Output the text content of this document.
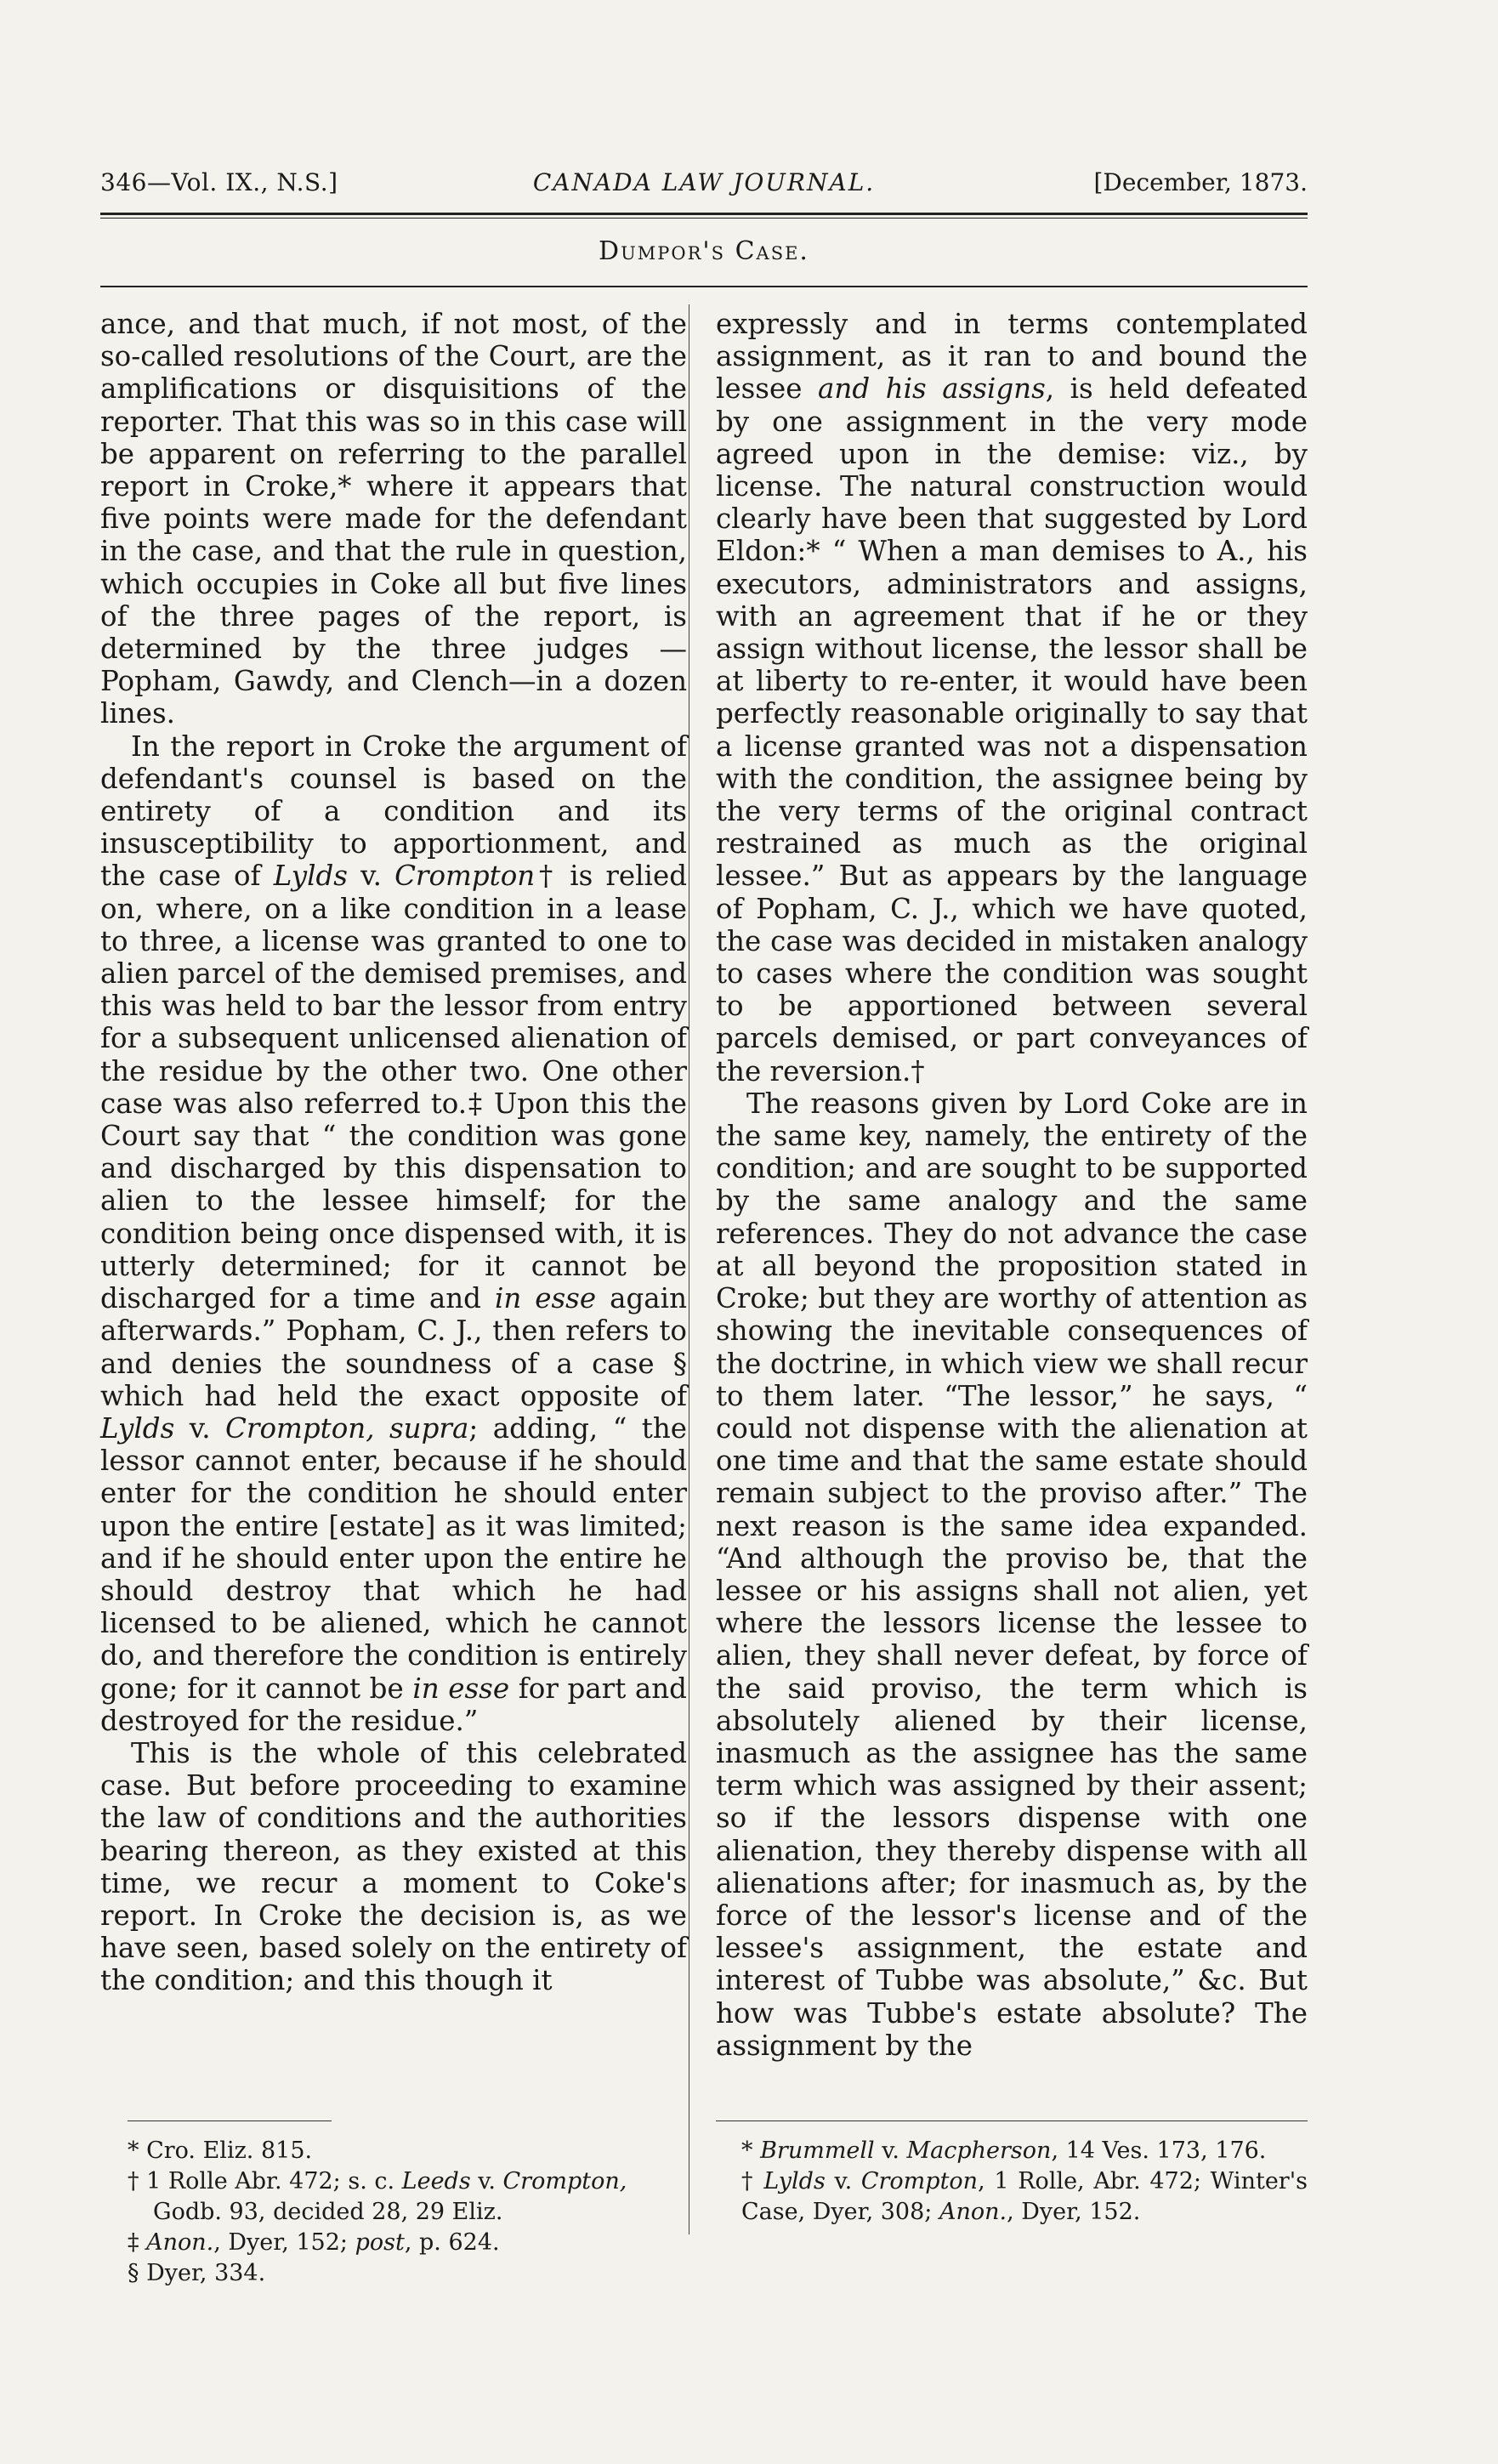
346—Vol. IX., N.S.]	CANADA LAW JOURNAL.	[December, 1873.
Dumpor's Case.

ance, and that much, if not most, of the so-called resolutions of the Court, are the amplifications or disquisitions of the reporter. That this was so in this case will be apparent on referring to the parallel report in Croke,* where it appears that five points were made for the defendant in the case, and that the rule in question, which occupies in Coke all but five lines of the three pages of the report, is determined by the three judges —Popham, Gawdy, and Clench—in a dozen lines.

In the report in Croke the argument of defendant's counsel is based on the entirety of a condition and its insusceptibility to apportionment, and the case of Lylds v. Crompton† is relied on, where, on a like condition in a lease to three, a license was granted to one to alien parcel of the demised premises, and this was held to bar the lessor from entry for a subsequent unlicensed alienation of the residue by the other two. One other case was also referred to.‡ Upon this the Court say that “ the condition was gone and discharged by this dispensation to alien to the lessee himself; for the condition being once dispensed with, it is utterly determined; for it cannot be discharged for a time and in esse again afterwards.” Popham, C. J., then refers to and denies the soundness of a case § which had held the exact opposite of Lylds v. Crompton, supra; adding, “ the lessor cannot enter, because if he should enter for the condition he should enter upon the entire [estate] as it was limited; and if he should enter upon the entire he should destroy that which he had licensed to be aliened, which he cannot do, and therefore the condition is entirely gone; for it cannot be in esse for part and destroyed for the residue.”

This is the whole of this celebrated case. But before proceeding to examine the law of conditions and the authorities bearing thereon, as they existed at this time, we recur a moment to Coke's report. In Croke the decision is, as we have seen, based solely on the entirety of the condition; and this though it

expressly and in terms contemplated assignment, as it ran to and bound the lessee and his assigns, is held defeated by one assignment in the very mode agreed upon in the demise: viz., by license. The natural construction would clearly have been that suggested by Lord Eldon:* “ When a man demises to A., his executors, administrators and assigns, with an agreement that if he or they assign without license, the lessor shall be at liberty to re-enter, it would have been perfectly reasonable originally to say that a license granted was not a dispensation with the condition, the assignee being by the very terms of the original contract restrained as much as the original lessee.” But as appears by the language of Popham, C. J., which we have quoted, the case was decided in mistaken analogy to cases where the condition was sought to be apportioned between several parcels demised, or part conveyances of the reversion.†

The reasons given by Lord Coke are in the same key, namely, the entirety of the condition; and are sought to be supported by the same analogy and the same references. They do not advance the case at all beyond the proposition stated in Croke; but they are worthy of attention as showing the inevitable consequences of the doctrine, in which view we shall recur to them later. “The lessor,” he says, “ could not dispense with the alienation at one time and that the same estate should remain subject to the proviso after.” The next reason is the same idea expanded. “And although the proviso be, that the lessee or his assigns shall not alien, yet where the lessors license the lessee to alien, they shall never defeat, by force of the said proviso, the term which is absolutely aliened by their license, inasmuch as the assignee has the same term which was assigned by their assent; so if the lessors dispense with one alienation, they thereby dispense with all alienations after; for inasmuch as, by the force of the lessor's license and of the lessee's assignment, the estate and interest of Tubbe was absolute,” &c. But how was Tubbe's estate absolute? The assignment by the

* Cro. Eliz. 815.

† 1 Rolle Abr. 472; s. c. Leeds v. Crompton, Godb. 93, decided 28, 29 Eliz.

‡ Anon., Dyer, 152; post, p. 624.

§ Dyer, 334.

* Brummell v. Macpherson, 14 Ves. 173, 176.

† Lylds v. Crompton, 1 Rolle, Abr. 472; Winter's Case, Dyer, 308; Anon., Dyer, 152.
